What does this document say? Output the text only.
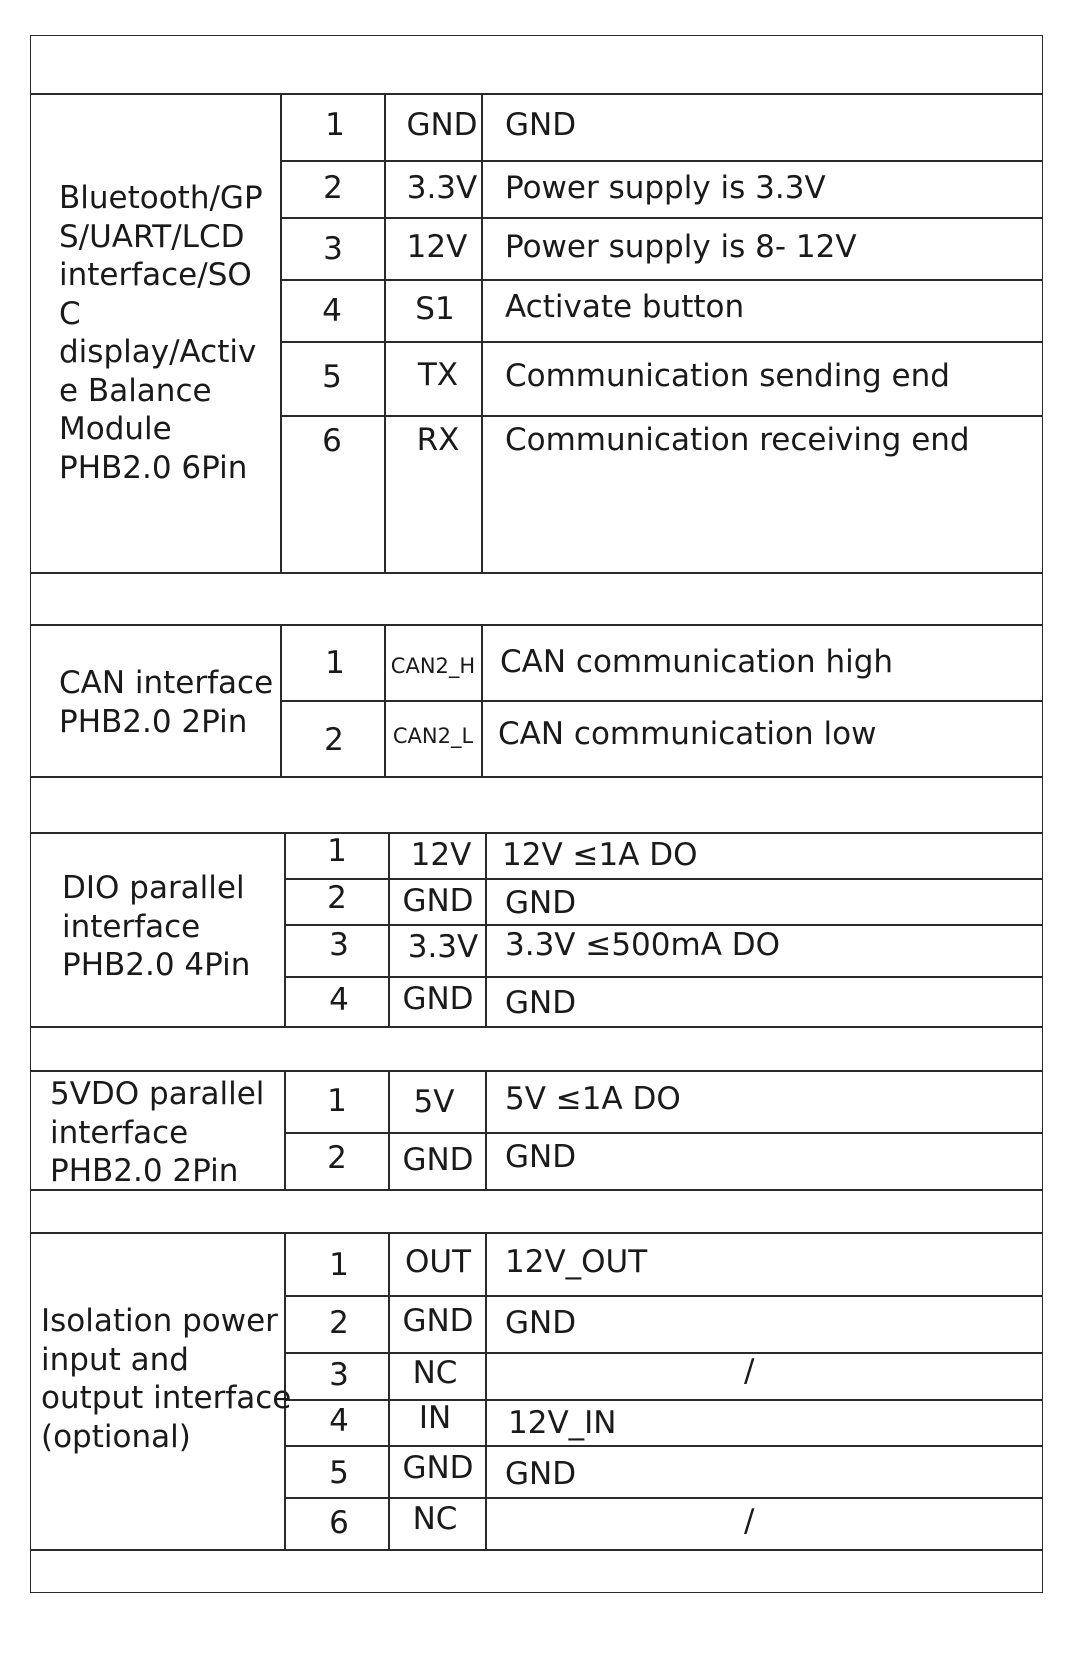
Bluetooth/GP
S/UART/LCD
interface/SO
C
display/Activ
e Balance
Module
PHB2.0 6Pin
1
2
3
4
5
6
GND
3.3V
12V
S1
TX
RX
GND
Power supply is 3.3V
Power supply is 8- 12V
Activate button
Communication sending end
Communication receiving end
CAN interface
PHB2.0 2Pin
1
2
CAN2_H
CAN2_L
CAN communication high
CAN communication low
DIO parallel
interface
PHB2.0 4Pin
1
2
3
4
12V
GND
3.3V
GND
12V ≤1A DO
GND
3.3V ≤500mA DO
GND
5VDO parallel
interface
PHB2.0 2Pin
1
2
5V
GND
5V ≤1A DO
GND
Isolation power
input and
output interface
(optional)
1
2
3
4
5
6
OUT
GND
NC
IN
GND
NC
12V_OUT
GND
/
12V_IN
GND
/
